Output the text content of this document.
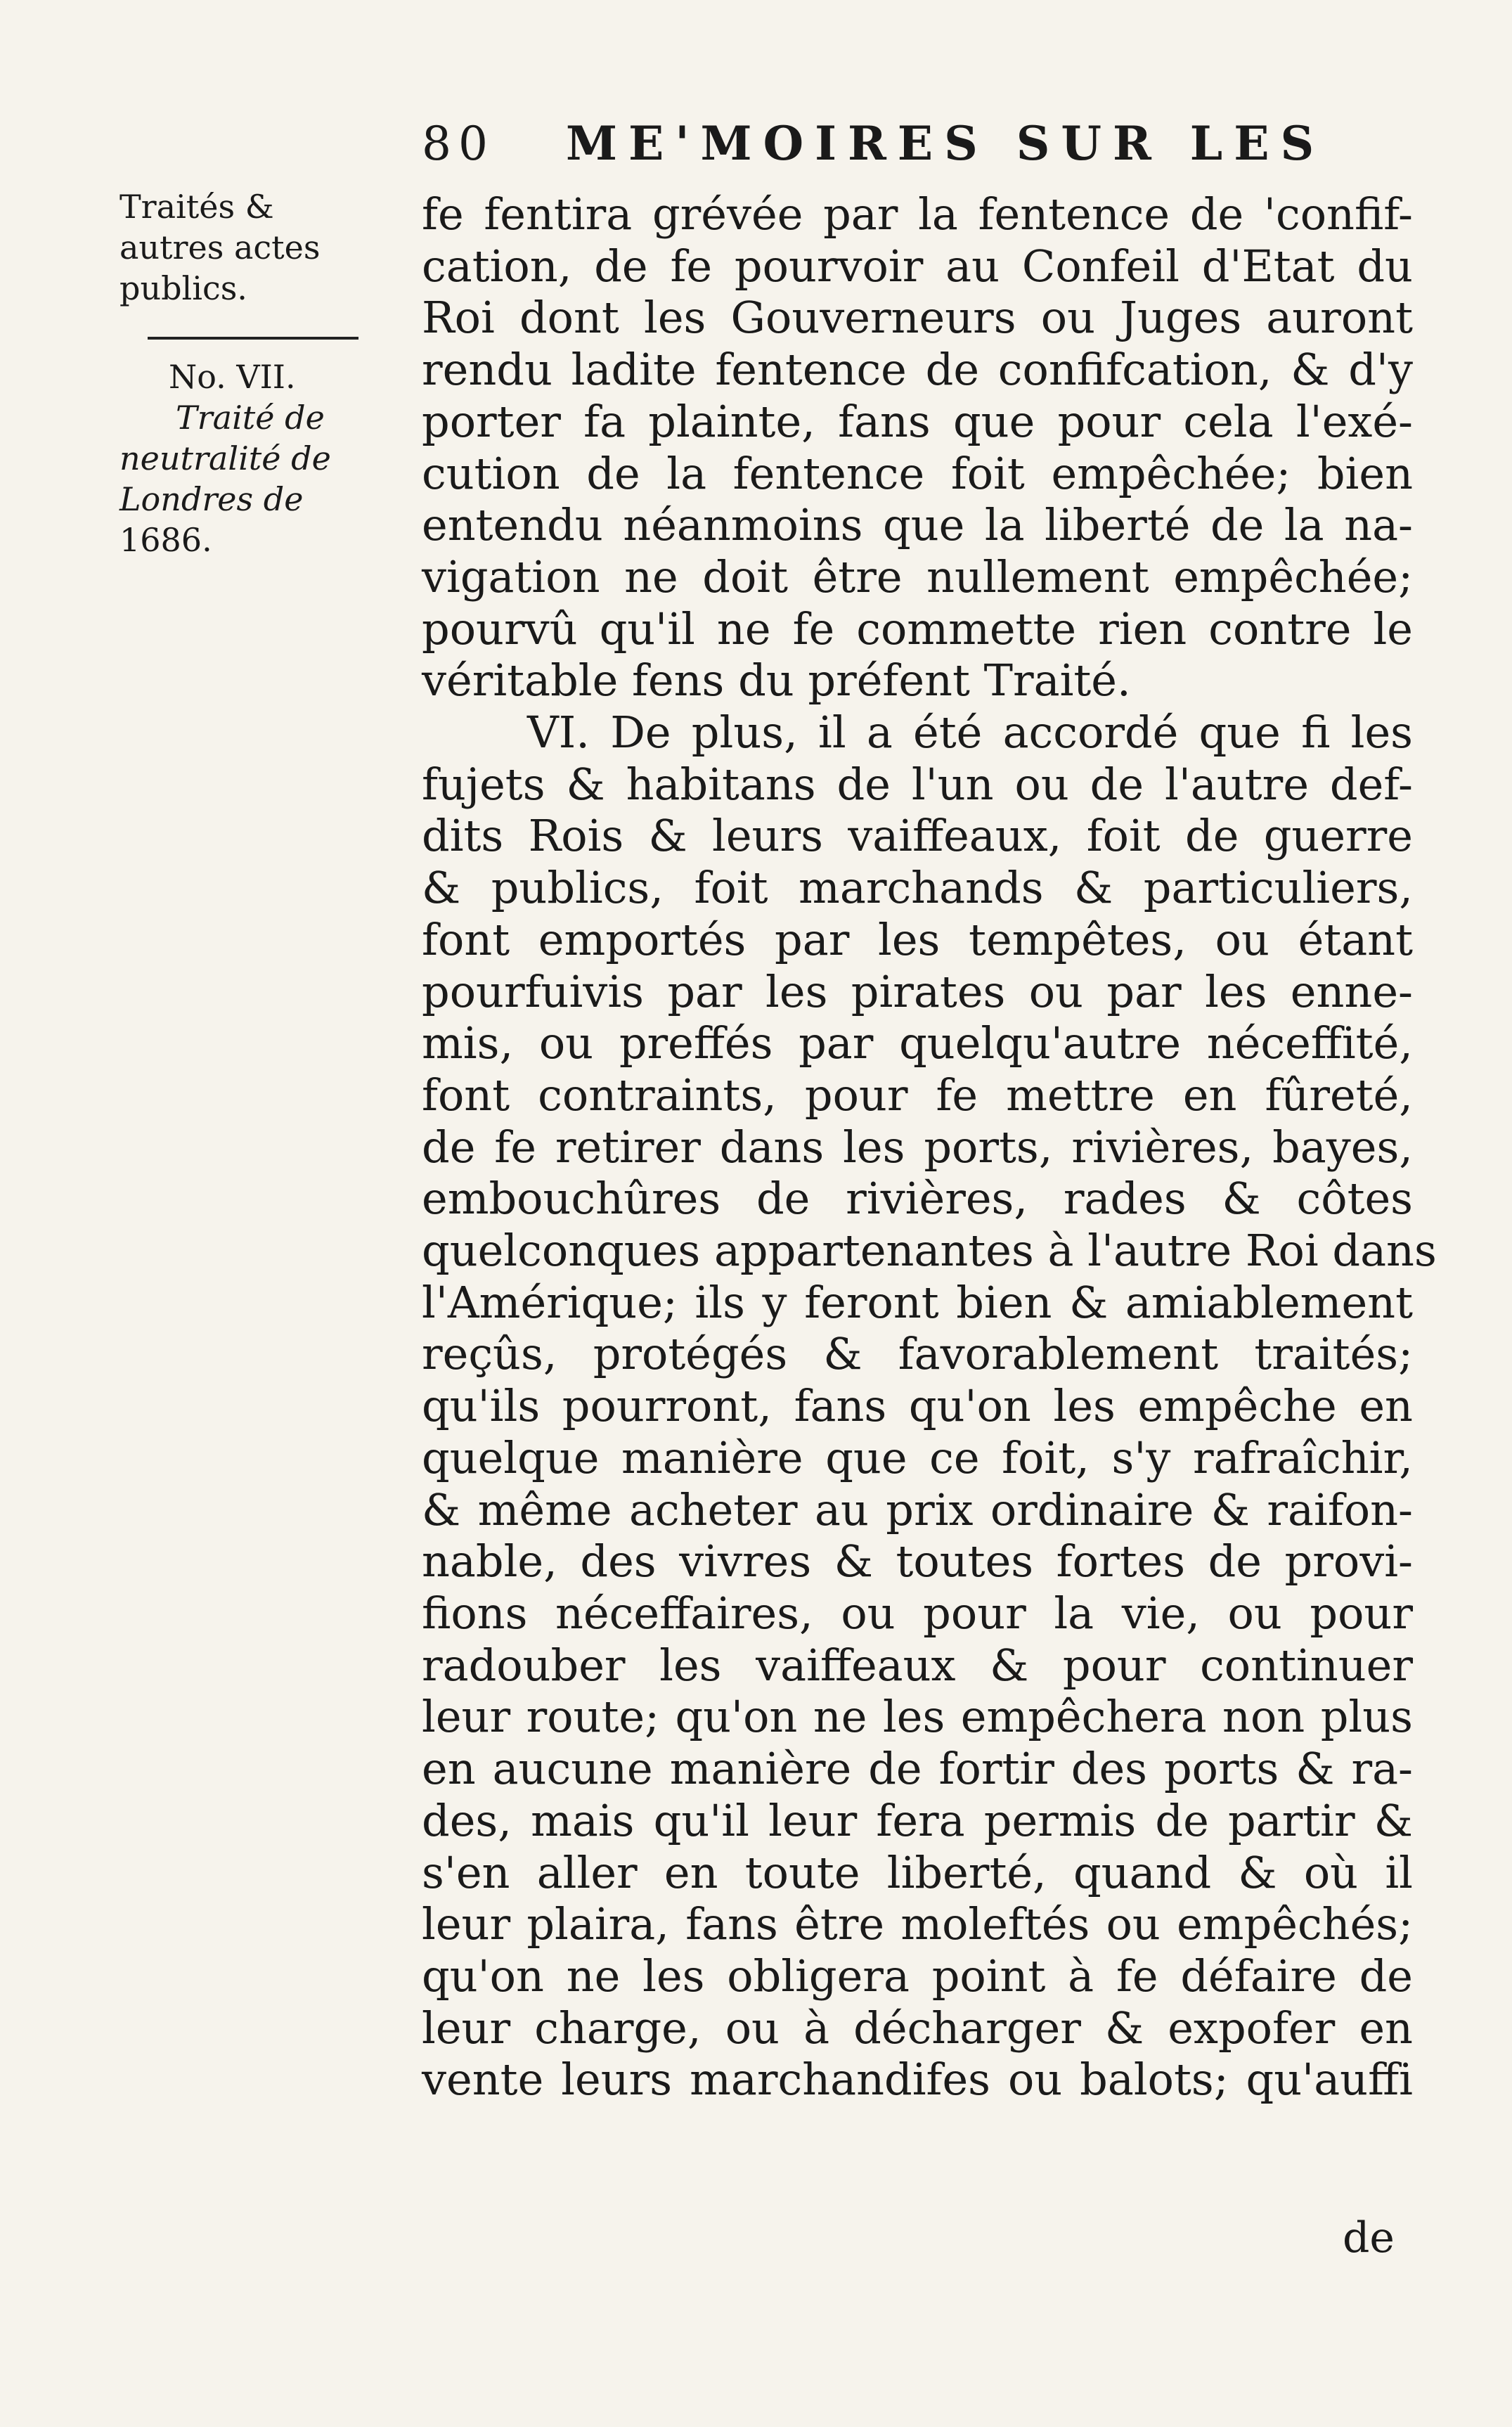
80 ME'MOIRES SUR LES
Traités &
autres actes
publics.
No. VII.
Traité de
neutralité de
Londres de
1686.
fe fentira grévée par la fentence de 'confif-
cation, de fe pourvoir au Confeil d'Etat du
Roi dont les Gouverneurs ou Juges auront
rendu ladite fentence de confifcation, & d'y
porter fa plainte, fans que pour cela l'exé-
cution de la fentence foit empêchée; bien
entendu néanmoins que la liberté de la na-
vigation ne doit être nullement empêchée;
pourvû qu'il ne fe commette rien contre le
véritable fens du préfent Traité.
VI. De plus, il a été accordé que fi les
fujets & habitans de l'un ou de l'autre def-
dits Rois & leurs vaiffeaux, foit de guerre
& publics, foit marchands & particuliers,
font emportés par les tempêtes, ou étant
pourfuivis par les pirates ou par les enne-
mis, ou preffés par quelqu'autre néceffité,
font contraints, pour fe mettre en fûreté,
de fe retirer dans les ports, rivières, bayes,
embouchûres de rivières, rades & côtes
quelconques appartenantes à l'autre Roi dans
l'Amérique; ils y feront bien & amiablement
reçûs, protégés & favorablement traités;
qu'ils pourront, fans qu'on les empêche en
quelque manière que ce foit, s'y rafraîchir,
& même acheter au prix ordinaire & raifon-
nable, des vivres & toutes fortes de provi-
fions néceffaires, ou pour la vie, ou pour
radouber les vaiffeaux & pour continuer
leur route; qu'on ne les empêchera non plus
en aucune manière de fortir des ports & ra-
des, mais qu'il leur fera permis de partir &
s'en aller en toute liberté, quand & où il
leur plaira, fans être moleftés ou empêchés;
qu'on ne les obligera point à fe défaire de
leur charge, ou à décharger & expofer en
vente leurs marchandifes ou balots; qu'auffi
de
